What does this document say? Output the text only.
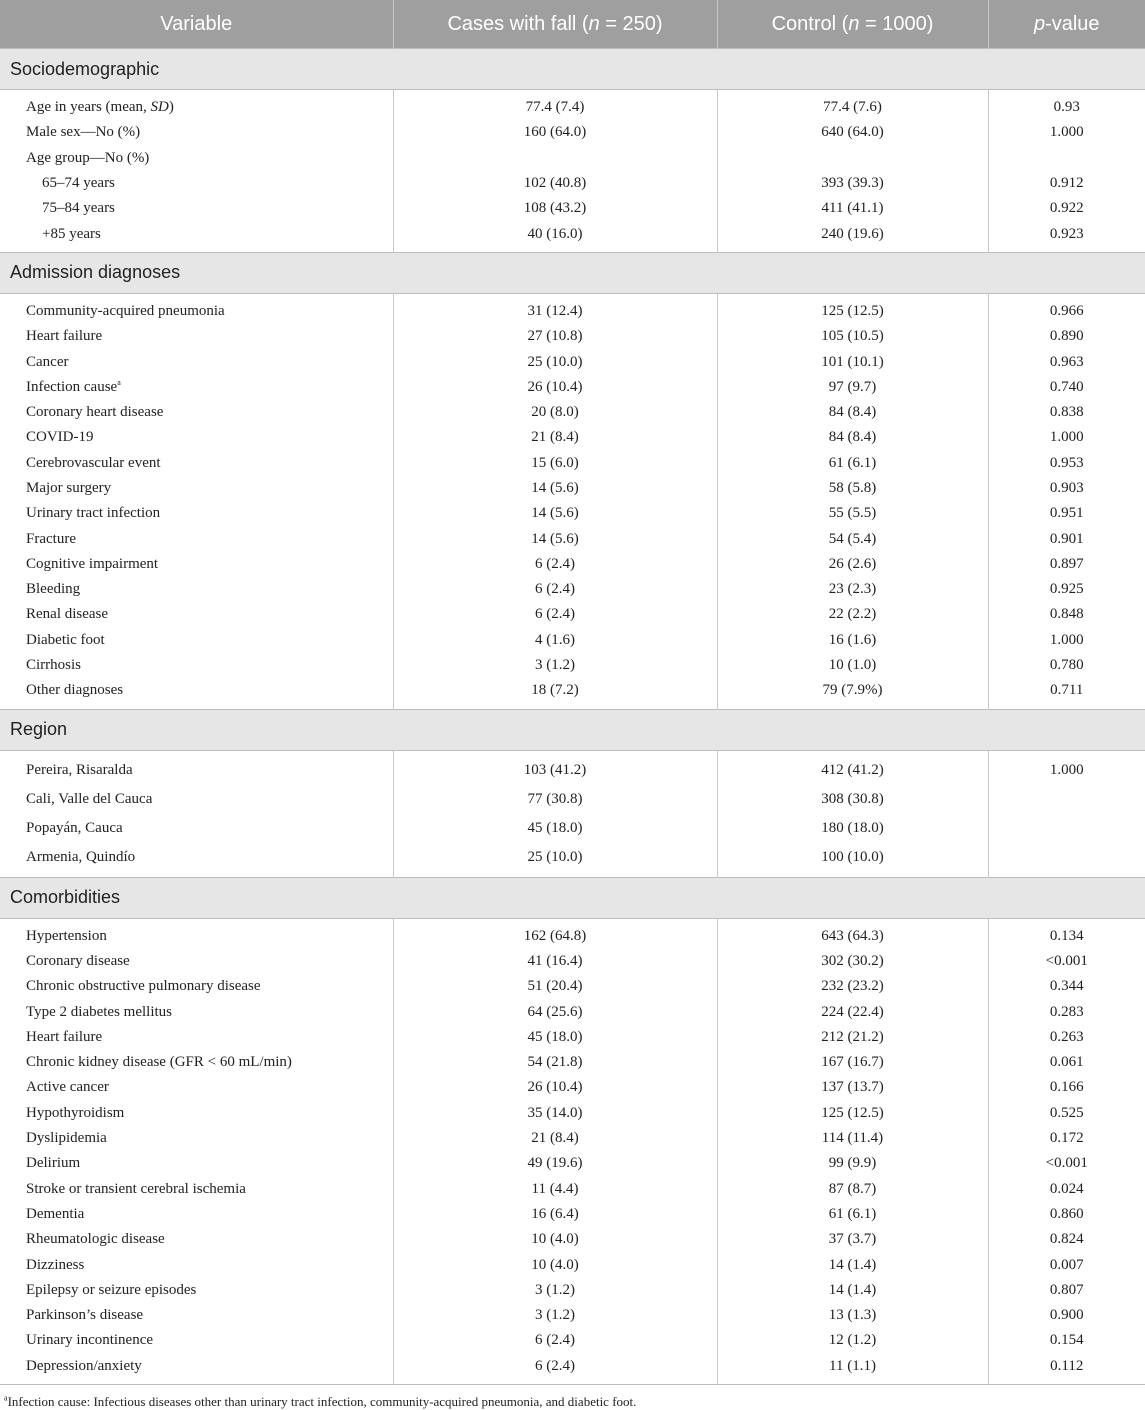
Variable	Cases with fall (n = 250)	Control (n = 1000)	p-value
Sociodemographic			
Age in years (mean, SD)	77.4 (7.4)	77.4 (7.6)	0.93
Male sex—No (%)	160 (64.0)	640 (64.0)	1.000
Age group—No (%)			
65–74 years	102 (40.8)	393 (39.3)	0.912
75–84 years	108 (43.2)	411 (41.1)	0.922
+85 years	40 (16.0)	240 (19.6)	0.923
Admission diagnoses			
Community-acquired pneumonia	31 (12.4)	125 (12.5)	0.966
Heart failure	27 (10.8)	105 (10.5)	0.890
Cancer	25 (10.0)	101 (10.1)	0.963
Infection cause$^a$	26 (10.4)	97 (9.7)	0.740
Coronary heart disease	20 (8.0)	84 (8.4)	0.838
COVID-19	21 (8.4)	84 (8.4)	1.000
Cerebrovascular event	15 (6.0)	61 (6.1)	0.953
Major surgery	14 (5.6)	58 (5.8)	0.903
Urinary tract infection	14 (5.6)	55 (5.5)	0.951
Fracture	14 (5.6)	54 (5.4)	0.901
Cognitive impairment	6 (2.4)	26 (2.6)	0.897
Bleeding	6 (2.4)	23 (2.3)	0.925
Renal disease	6 (2.4)	22 (2.2)	0.848
Diabetic foot	4 (1.6)	16 (1.6)	1.000
Cirrhosis	3 (1.2)	10 (1.0)	0.780
Other diagnoses	18 (7.2)	79 (7.9%)	0.711
Region			
Pereira, Risaralda	103 (41.2)	412 (41.2)	1.000
Cali, Valle del Cauca	77 (30.8)	308 (30.8)	
Popayán, Cauca	45 (18.0)	180 (18.0)	
Armenia, Quindío	25 (10.0)	100 (10.0)	
Comorbidities			
Hypertension	162 (64.8)	643 (64.3)	0.134
Coronary disease	41 (16.4)	302 (30.2)	<0.001
Chronic obstructive pulmonary disease	51 (20.4)	232 (23.2)	0.344
Type 2 diabetes mellitus	64 (25.6)	224 (22.4)	0.283
Heart failure	45 (18.0)	212 (21.2)	0.263
Chronic kidney disease (GFR < 60 mL/min)	54 (21.8)	167 (16.7)	0.061
Active cancer	26 (10.4)	137 (13.7)	0.166
Hypothyroidism	35 (14.0)	125 (12.5)	0.525
Dyslipidemia	21 (8.4)	114 (11.4)	0.172
Delirium	49 (19.6)	99 (9.9)	<0.001
Stroke or transient cerebral ischemia	11 (4.4)	87 (8.7)	0.024
Dementia	16 (6.4)	61 (6.1)	0.860
Rheumatologic disease	10 (4.0)	37 (3.7)	0.824
Dizziness	10 (4.0)	14 (1.4)	0.007
Epilepsy or seizure episodes	3 (1.2)	14 (1.4)	0.807
Parkinson’s disease	3 (1.2)	13 (1.3)	0.900
Urinary incontinence	6 (2.4)	12 (1.2)	0.154
Depression/anxiety	6 (2.4)	11 (1.1)	0.112
$^a$Infection cause: Infectious diseases other than urinary tract infection, community-acquired pneumonia, and diabetic foot.
